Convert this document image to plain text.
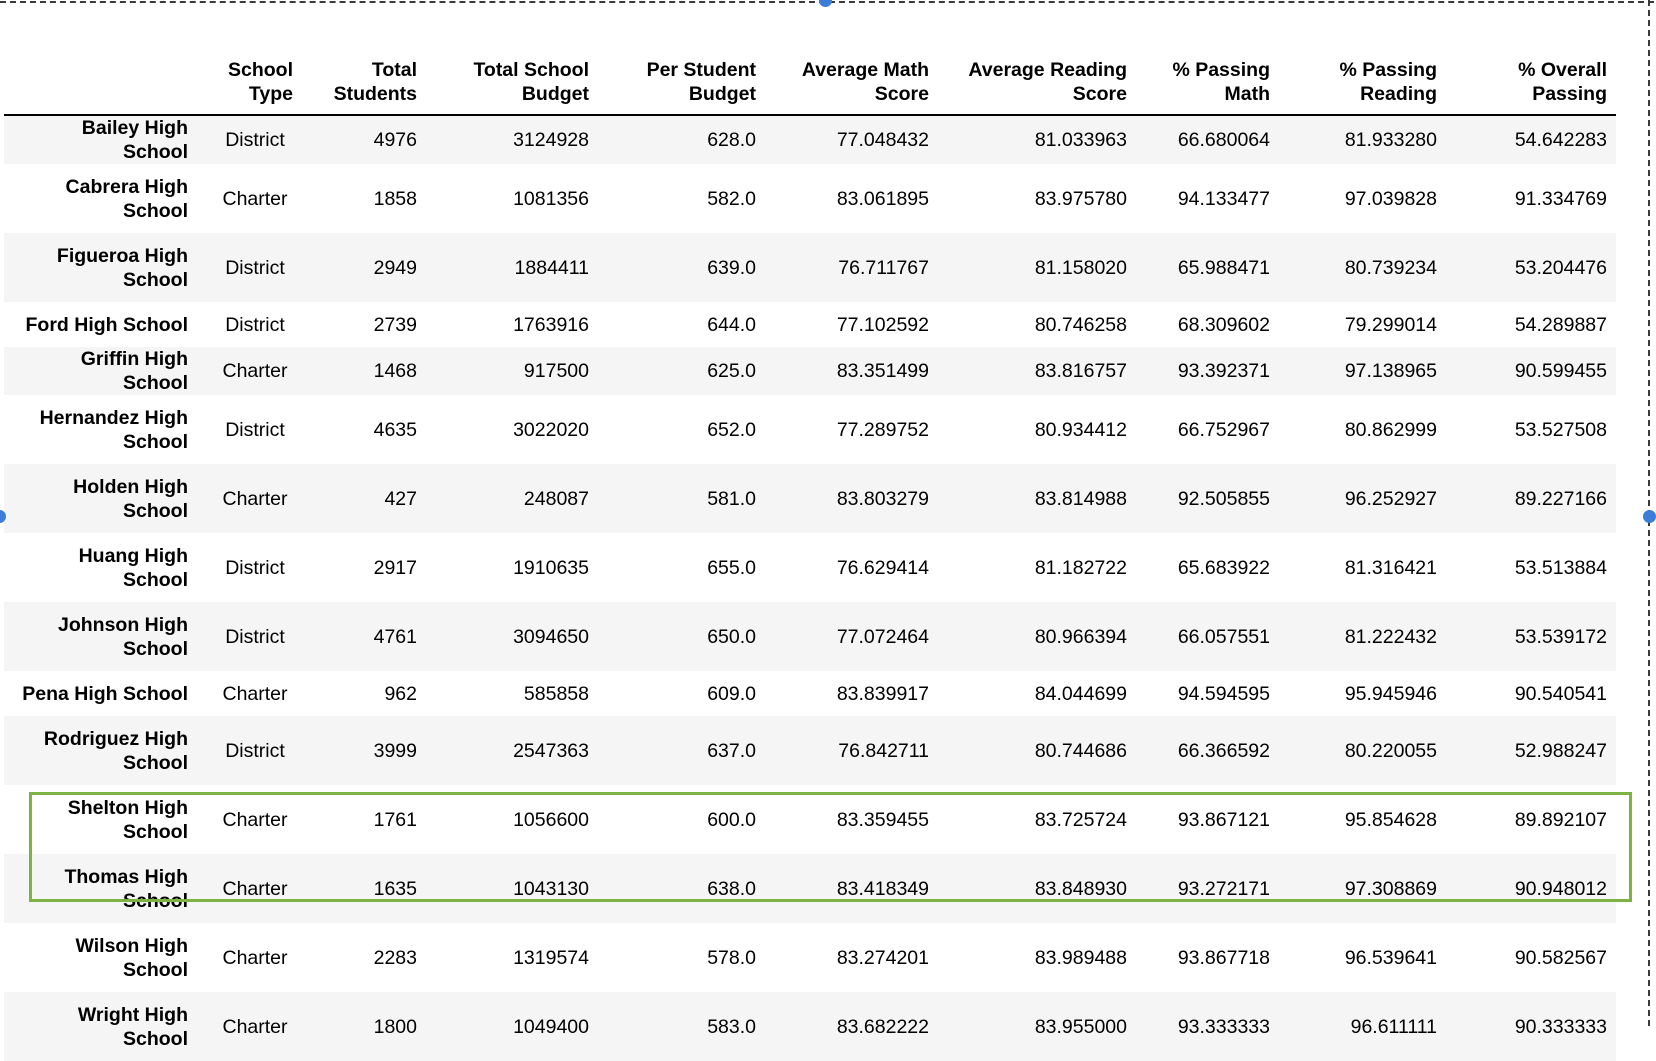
	School Type	Total Students	Total School Budget	Per Student Budget	Average Math Score	Average Reading Score	% Passing Math	% Passing Reading	% Overall Passing
Bailey High School	District	4976	3124928	628.0	77.048432	81.033963	66.680064	81.933280	54.642283
Cabrera High School	Charter	1858	1081356	582.0	83.061895	83.975780	94.133477	97.039828	91.334769
Figueroa High School	District	2949	1884411	639.0	76.711767	81.158020	65.988471	80.739234	53.204476
Ford High School	District	2739	1763916	644.0	77.102592	80.746258	68.309602	79.299014	54.289887
Griffin High School	Charter	1468	917500	625.0	83.351499	83.816757	93.392371	97.138965	90.599455
Hernandez High School	District	4635	3022020	652.0	77.289752	80.934412	66.752967	80.862999	53.527508
Holden High School	Charter	427	248087	581.0	83.803279	83.814988	92.505855	96.252927	89.227166
Huang High School	District	2917	1910635	655.0	76.629414	81.182722	65.683922	81.316421	53.513884
Johnson High School	District	4761	3094650	650.0	77.072464	80.966394	66.057551	81.222432	53.539172
Pena High School	Charter	962	585858	609.0	83.839917	84.044699	94.594595	95.945946	90.540541
Rodriguez High School	District	3999	2547363	637.0	76.842711	80.744686	66.366592	80.220055	52.988247
Shelton High School	Charter	1761	1056600	600.0	83.359455	83.725724	93.867121	95.854628	89.892107
Thomas High School	Charter	1635	1043130	638.0	83.418349	83.848930	93.272171	97.308869	90.948012
Wilson High School	Charter	2283	1319574	578.0	83.274201	83.989488	93.867718	96.539641	90.582567
Wright High School	Charter	1800	1049400	583.0	83.682222	83.955000	93.333333	96.611111	90.333333
